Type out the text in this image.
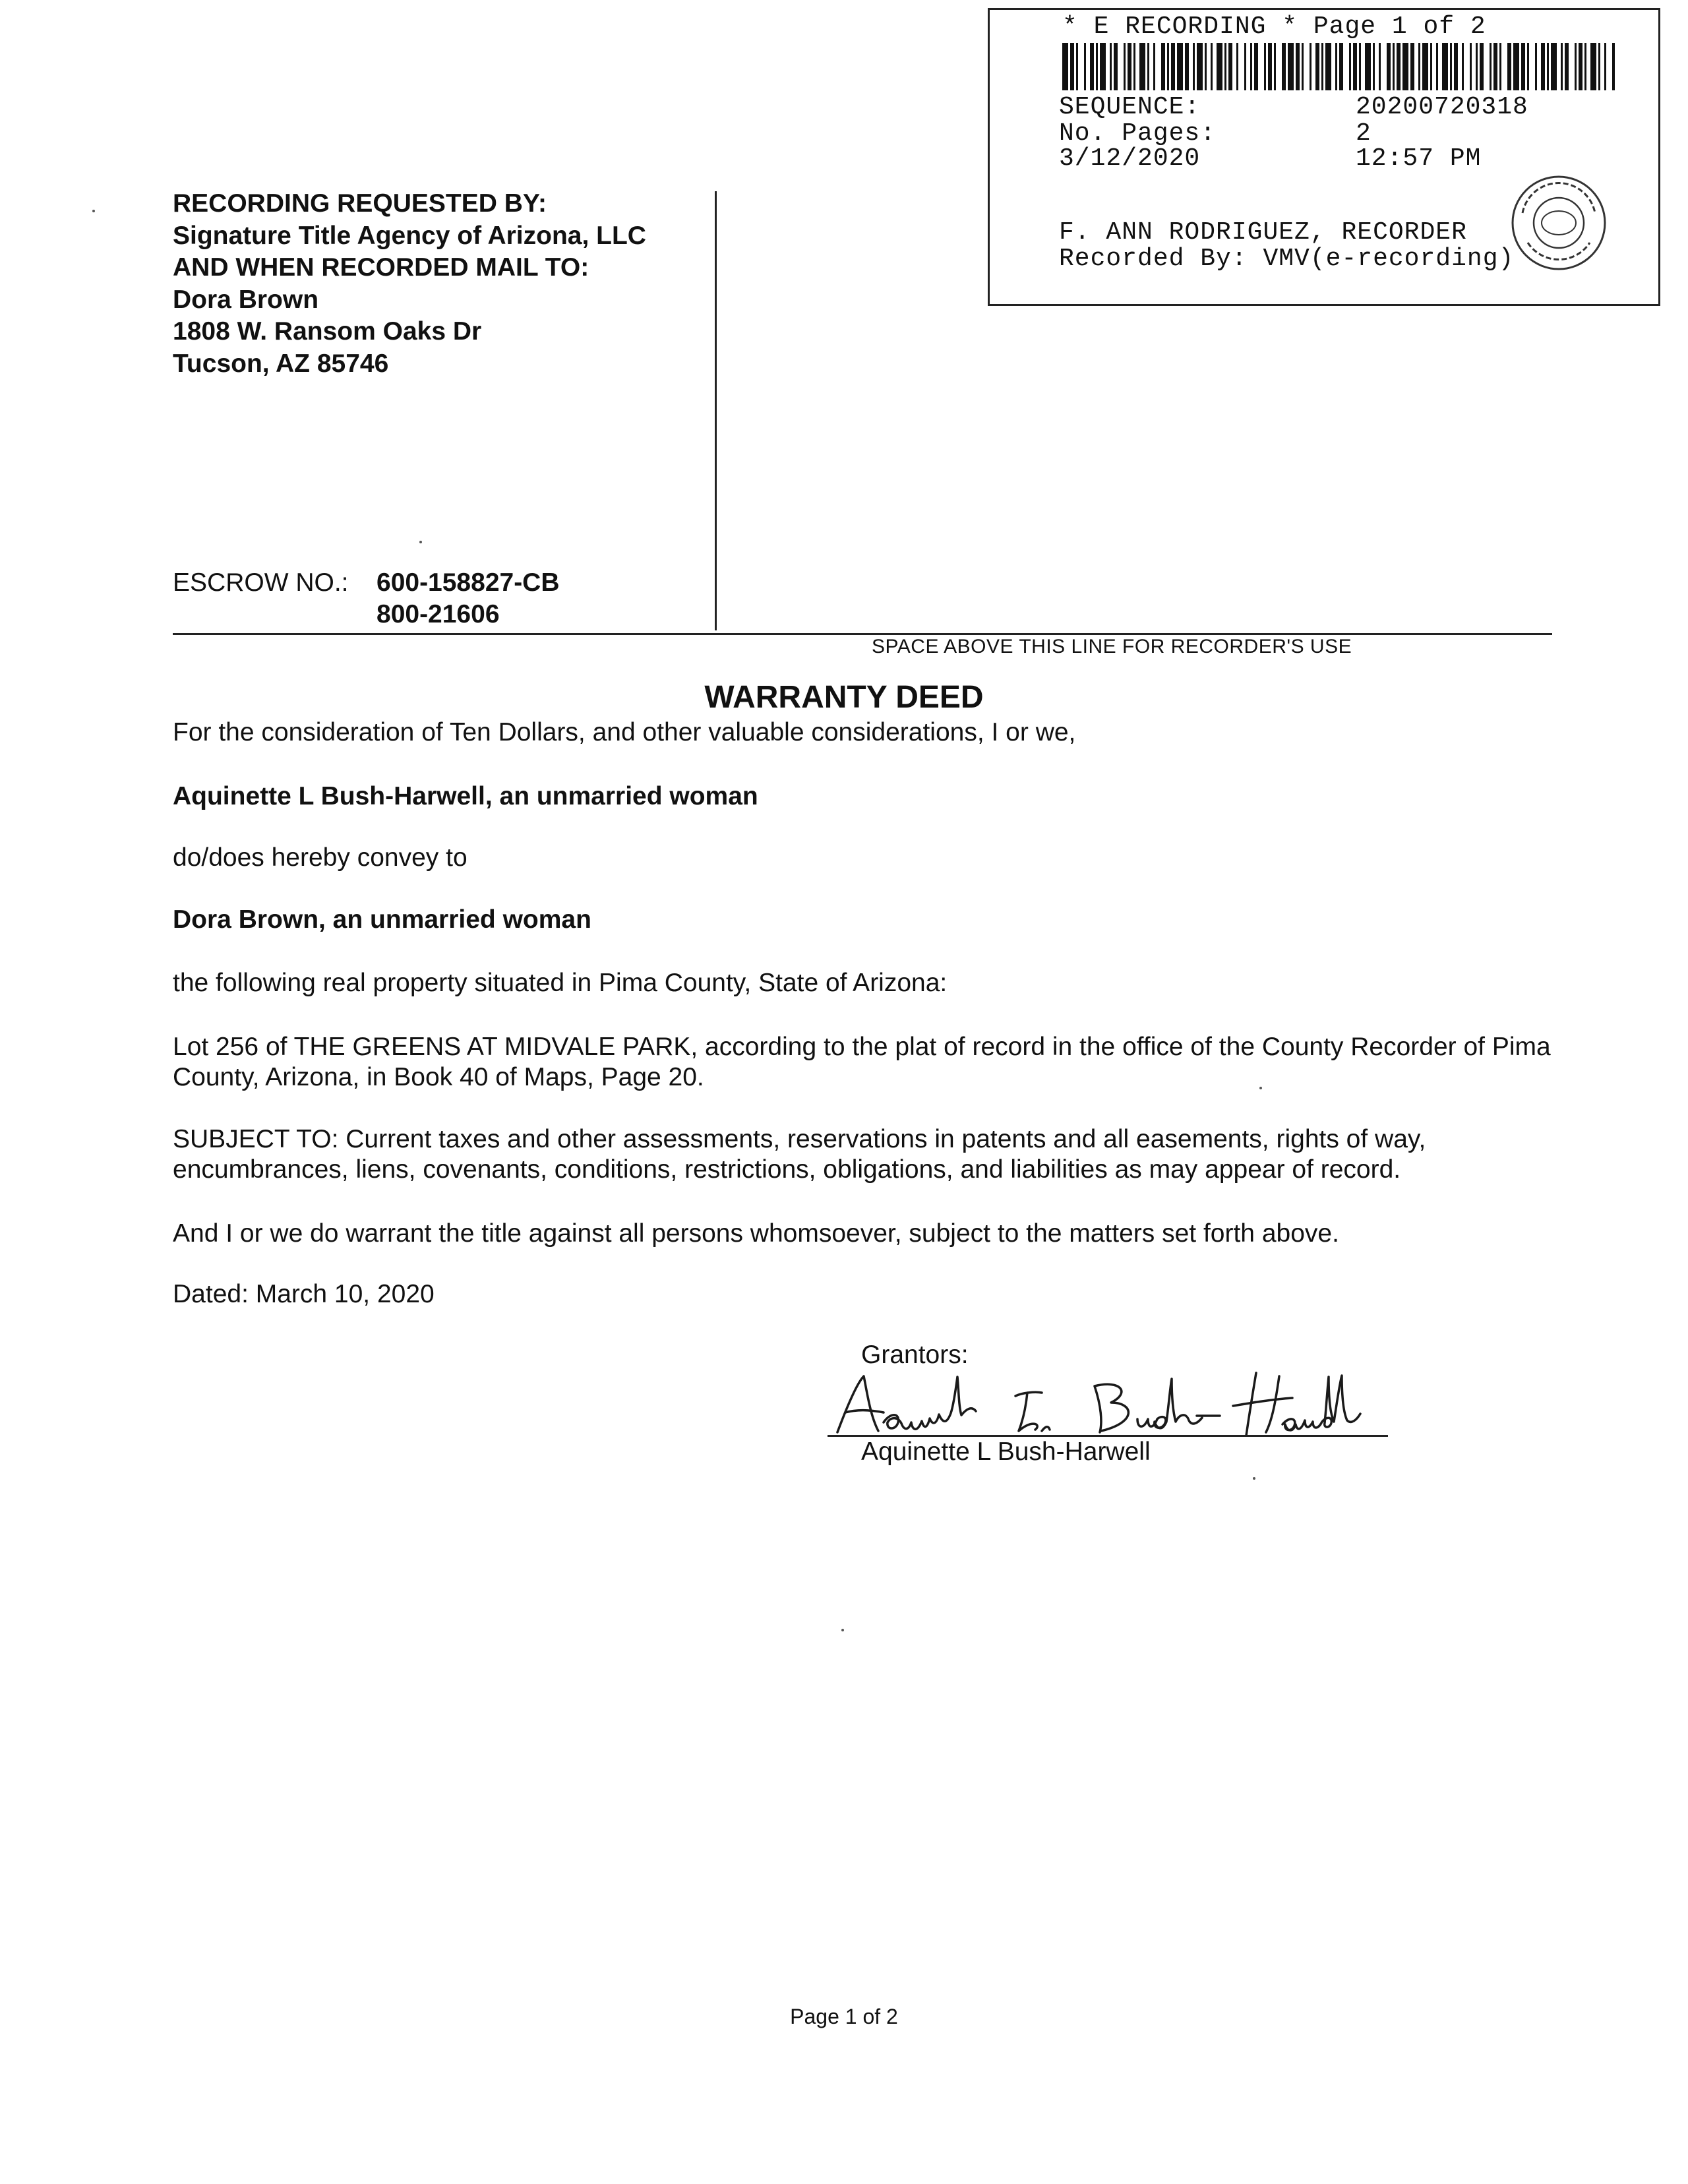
* E RECORDING * Page 1 of 2
SEQUENCE:	20200720318
No. Pages:	2
3/12/2020	12:57 PM
F. ANN RODRIGUEZ, RECORDER
Recorded By: VMV(e-recording)
RECORDING REQUESTED BY:
Signature Title Agency of Arizona, LLC
AND WHEN RECORDED MAIL TO:
Dora Brown
1808 W. Ransom Oaks Dr
Tucson, AZ 85746
ESCROW NO.: 600-158827-CB
800-21606
SPACE ABOVE THIS LINE FOR RECORDER'S USE
WARRANTY DEED
For the consideration of Ten Dollars, and other valuable considerations, I or we,
Aquinette L Bush-Harwell, an unmarried woman
do/does hereby convey to
Dora Brown, an unmarried woman
the following real property situated in Pima County, State of Arizona:
Lot 256 of THE GREENS AT MIDVALE PARK, according to the plat of record in the office of the County Recorder of Pima County, Arizona, in Book 40 of Maps, Page 20.
SUBJECT TO: Current taxes and other assessments, reservations in patents and all easements, rights of way, encumbrances, liens, covenants, conditions, restrictions, obligations, and liabilities as may appear of record.
And I or we do warrant the title against all persons whomsoever, subject to the matters set forth above.
Dated: March 10, 2020
Grantors:
Aquinette L Bush-Harwell
Page 1 of 2
